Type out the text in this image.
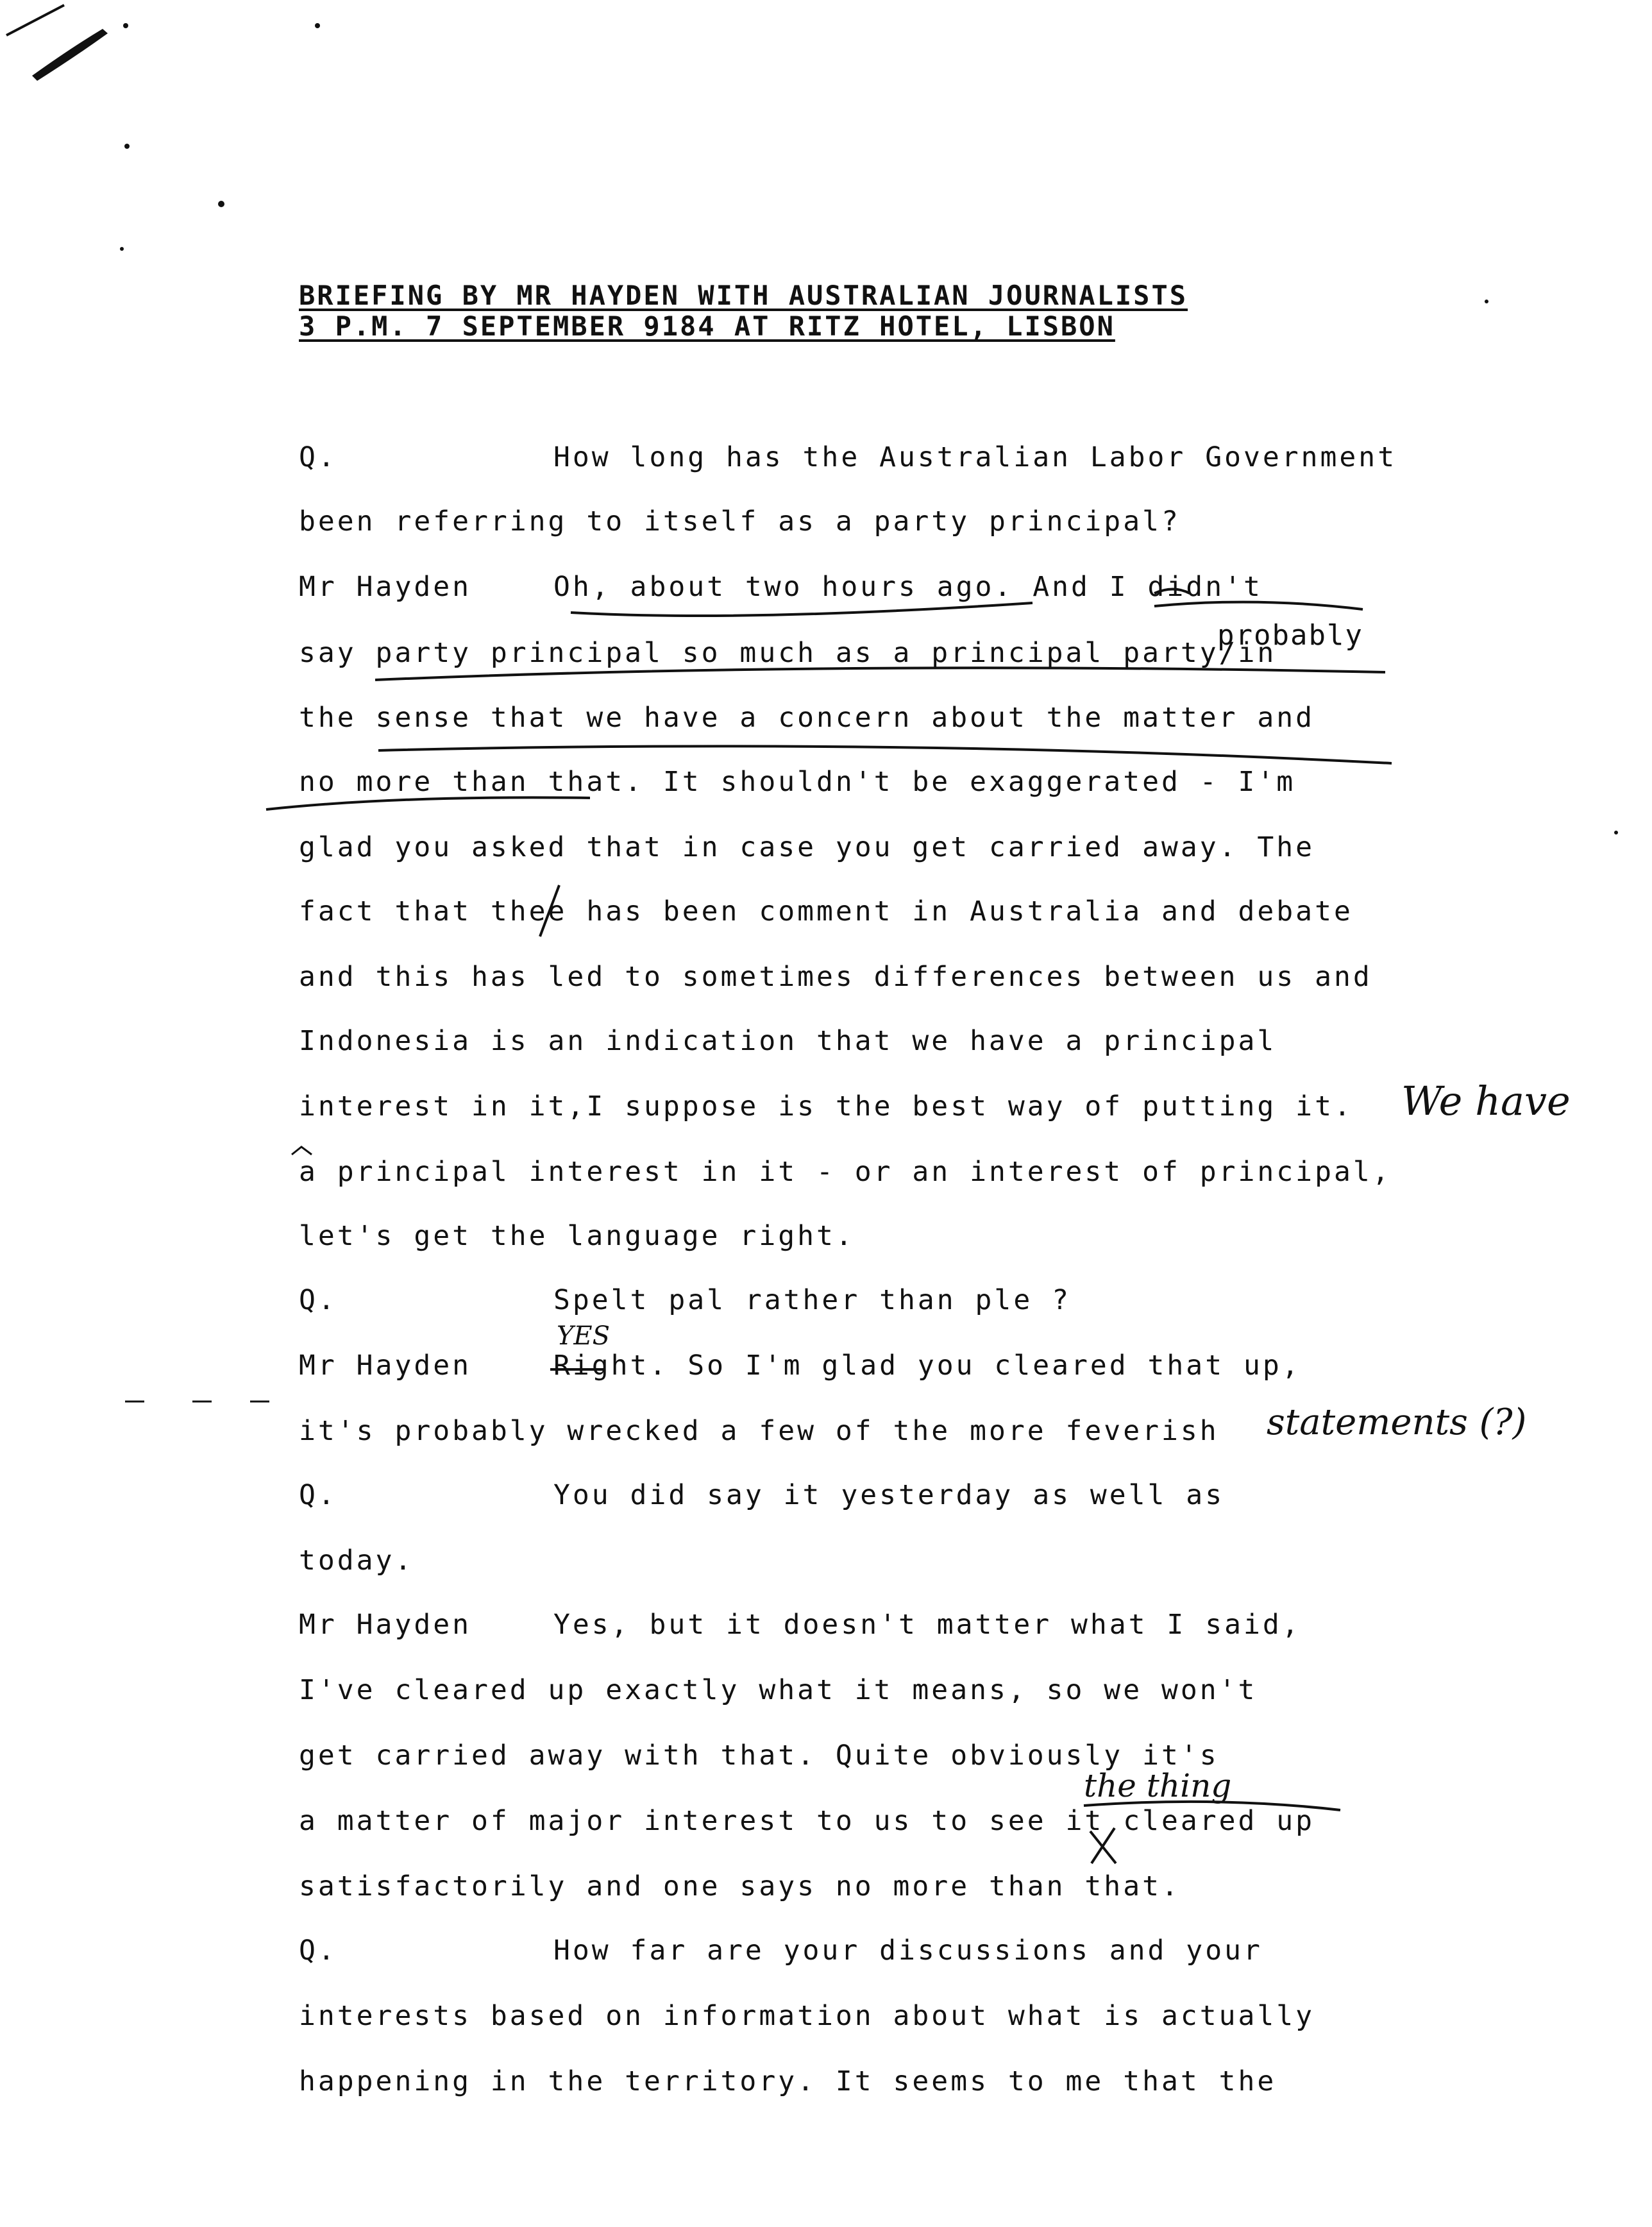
BRIEFING BY MR HAYDEN WITH AUSTRALIAN JOURNALISTS
3 P.M. 7 SEPTEMBER 9184 AT RITZ HOTEL, LISBON
Q.	How long has the Australian Labor Government
been referring to itself as a party principal?
Mr Hayden	Oh, about two hours ago. And I didn't
say party principal so much as a principal party/in
the sense that we have a concern about the matter and
no more than that. It shouldn't be exaggerated - I'm
glad you asked that in case you get carried away. The
fact that thee has been comment in Australia and debate
and this has led to sometimes differences between us and
Indonesia is an indication that we have a principal
interest in it,I suppose is the best way of putting it.
a principal interest in it - or an interest of principal,
let's get the language right.
Q.	Spelt pal rather than ple ?
Mr Hayden	Right. So I'm glad you cleared that up,
it's probably wrecked a few of the more feverish
Q.	You did say it yesterday as well as
today.
Mr Hayden	Yes, but it doesn't matter what I said,
I've cleared up exactly what it means, so we won't
get carried away with that. Quite obviously it's
a matter of major interest to us to see it cleared up
satisfactorily and one says no more than that.
Q.	How far are your discussions and your
interests based on information about what is actually
happening in the territory. It seems to me that the
probably
We have
YES
statements (?)
the thing
